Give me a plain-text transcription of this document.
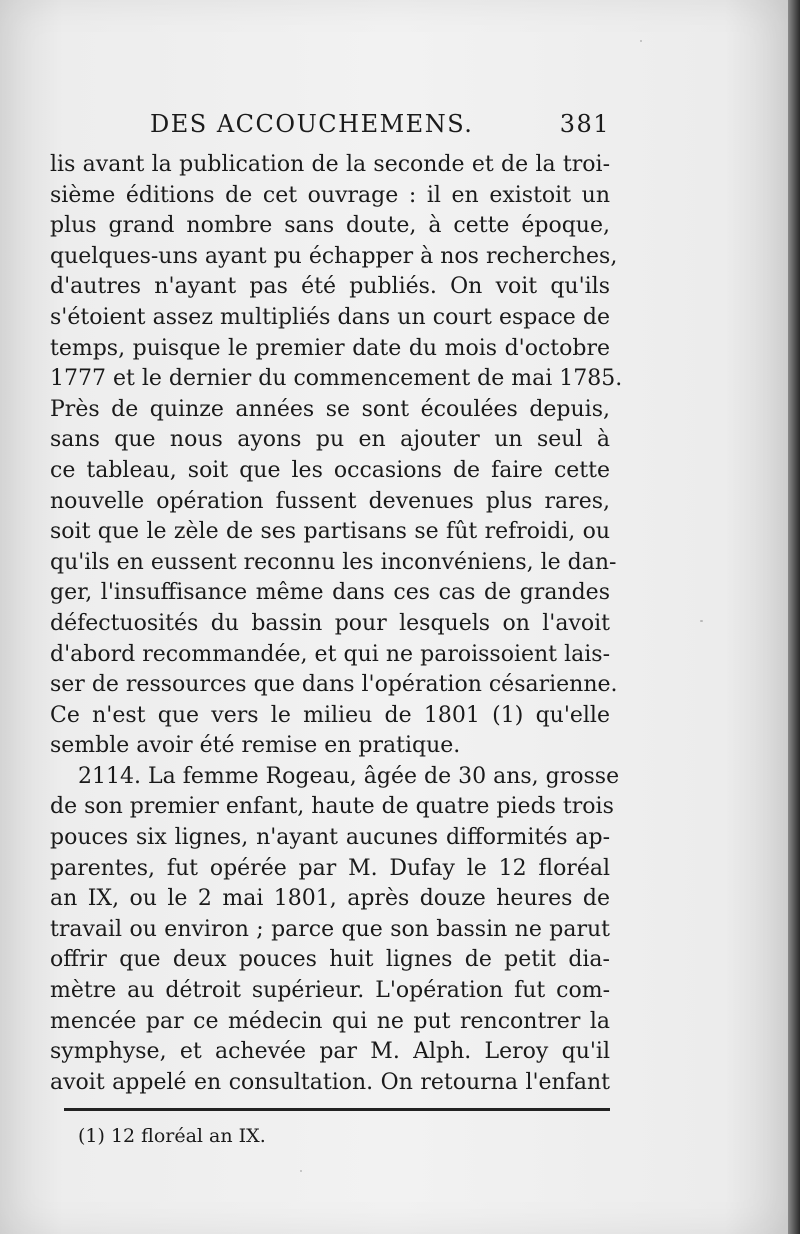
DES ACCOUCHEMENS.	381
lis avant la publication de la seconde et de la troi-
sième éditions de cet ouvrage : il en existoit un
plus grand nombre sans doute, à cette époque,
quelques-uns ayant pu échapper à nos recherches,
d'autres n'ayant pas été publiés. On voit qu'ils
s'étoient assez multipliés dans un court espace de
temps, puisque le premier date du mois d'octobre
1777 et le dernier du commencement de mai 1785.
Près de quinze années se sont écoulées depuis,
sans que nous ayons pu en ajouter un seul à
ce tableau, soit que les occasions de faire cette
nouvelle opération fussent devenues plus rares,
soit que le zèle de ses partisans se fût refroidi, ou
qu'ils en eussent reconnu les inconvéniens, le dan-
ger, l'insuffisance même dans ces cas de grandes
défectuosités du bassin pour lesquels on l'avoit
d'abord recommandée, et qui ne paroissoient lais-
ser de ressources que dans l'opération césarienne.
Ce n'est que vers le milieu de 1801 (1) qu'elle
semble avoir été remise en pratique.
2114. La femme Rogeau, âgée de 30 ans, grosse
de son premier enfant, haute de quatre pieds trois
pouces six lignes, n'ayant aucunes difformités ap-
parentes, fut opérée par M. Dufay le 12 floréal
an IX, ou le 2 mai 1801, après douze heures de
travail ou environ ; parce que son bassin ne parut
offrir que deux pouces huit lignes de petit dia-
mètre au détroit supérieur. L'opération fut com-
mencée par ce médecin qui ne put rencontrer la
symphyse, et achevée par M. Alph. Leroy qu'il
avoit appelé en consultation. On retourna l'enfant
(1) 12 floréal an IX.
